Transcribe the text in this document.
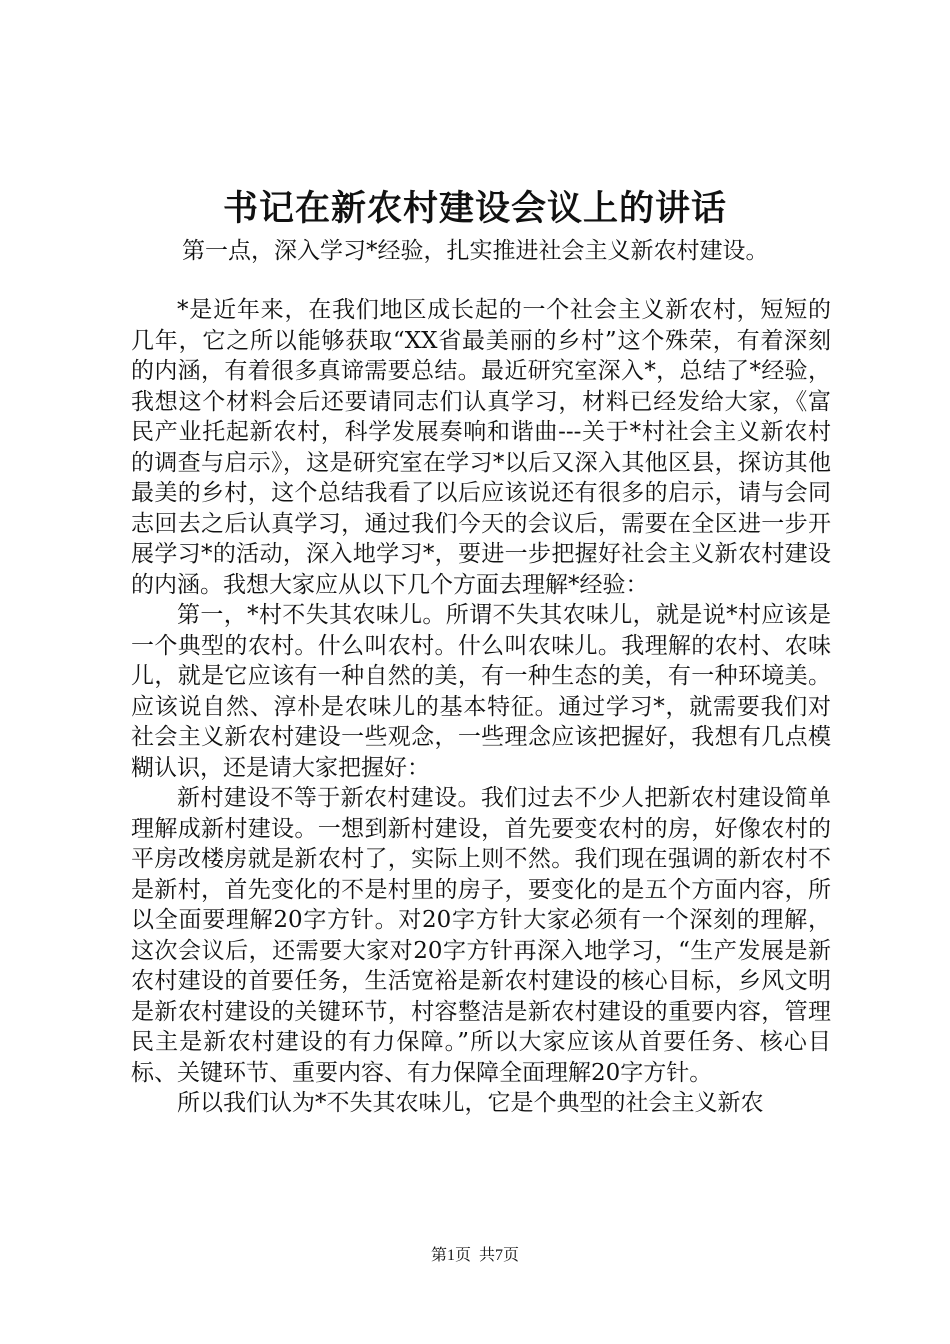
书记在新农村建设会议上的讲话

第一点，深入学习*经验，扎实推进社会主义新农村建设。

*是近年来，在我们地区成长起的一个社会主义新农村，短短的几年，它之所以能够获取“XX省最美丽的乡村”这个殊荣，有着深刻的内涵，有着很多真谛需要总结。最近研究室深入*，总结了*经验，我想这个材料会后还要请同志们认真学习，材料已经发给大家，《富民产业托起新农村，科学发展奏响和谐曲---关于*村社会主义新农村的调查与启示》，这是研究室在学习*以后又深入其他区县，探访其他最美的乡村，这个总结我看了以后应该说还有很多的启示，请与会同志回去之后认真学习，通过我们今天的会议后，需要在全区进一步开展学习*的活动，深入地学习*，要进一步把握好社会主义新农村建设的内涵。我想大家应从以下几个方面去理解*经验：

第一，*村不失其农味儿。所谓不失其农味儿，就是说*村应该是一个典型的农村。什么叫农村。什么叫农味儿。我理解的农村、农味儿，就是它应该有一种自然的美，有一种生态的美，有一种环境美。应该说自然、淳朴是农味儿的基本特征。通过学习*，就需要我们对社会主义新农村建设一些观念，一些理念应该把握好，我想有几点模糊认识，还是请大家把握好：

新村建设不等于新农村建设。我们过去不少人把新农村建设简单理解成新村建设。一想到新村建设，首先要变农村的房，好像农村的平房改楼房就是新农村了，实际上则不然。我们现在强调的新农村不是新村，首先变化的不是村里的房子，要变化的是五个方面内容，所以全面要理解20字方针。对20字方针大家必须有一个深刻的理解，这次会议后，还需要大家对20字方针再深入地学习，“生产发展是新农村建设的首要任务，生活宽裕是新农村建设的核心目标，乡风文明是新农村建设的关键环节，村容整洁是新农村建设的重要内容，管理民主是新农村建设的有力保障。”所以大家应该从首要任务、核心目标、关键环节、重要内容、有力保障全面理解20字方针。

所以我们认为*不失其农味儿，它是个典型的社会主义新农

第1页 共7页
